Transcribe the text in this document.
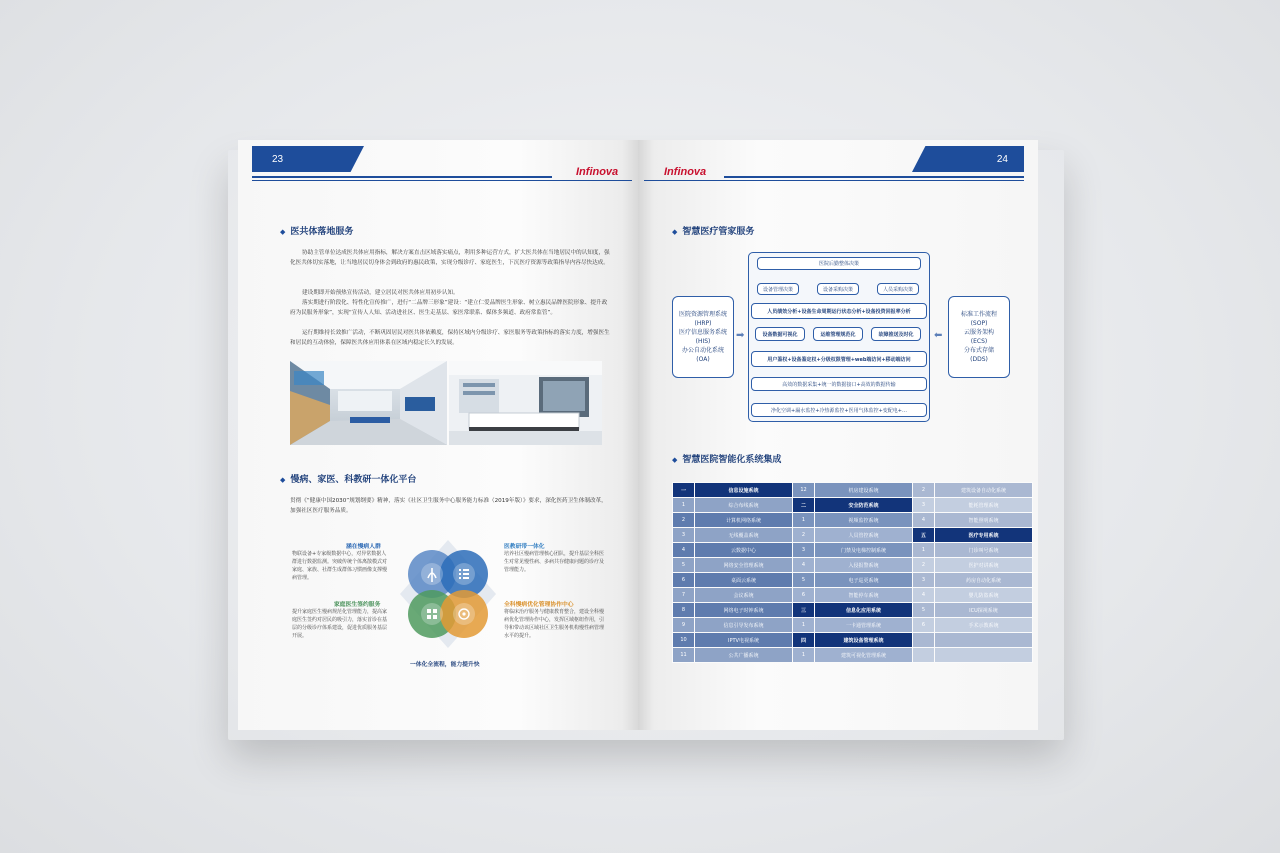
23
Infinova
◆ 医共体落地服务
协助主管单位达成医共体应用指标，解决方案直击区域落实痛点，利用多种运营方式，扩大医共体在当地居民中的认知度，强化医共体切实落地，让当地居民切身体会到政府的惠民政策，实现分级诊疗、家庭医生，下沉医疗资源等政策指导内容尽快达成。
建设期即开始预热宣传活动，建立居民对医共体应用初步认知。
落实期进行阶段化、特性化宣传推广，进行“二品牌三形象”建设：“建立仁爱品牌医生形象、树立惠民品牌医院形象、提升政府为民服务形象”，实现“宣传人人知、活动进社区、医生走基层、家医常联系、媒体多频道、政府常监管”。
运行期维持长效推广活动，不断巩固居民对医共体依赖度，保持区域内分级诊疗、家医服务等政策指标的落实力度，增强医生和居民的互动体验，保障医共体应用体系在区域内稳定长久的发展。
◆ 慢病、家医、科教研一体化平台
贯彻《“健康中国2030”规划纲要》精神，落实《社区卫生服务中心服务能力标准（2019年版）》要求，深化医药卫生体制改革，加强社区医疗服务品质。
涵在慢病人群
物联设备+专家级数据中心，对异常数据人群进行数据监测。突破传统个体离散模式对家庭、家族、社群生成群体习惯画像支撑慢病管理。
家庭医生签约服务
提升家庭医生慢病规范化管理能力，提高家庭医生签约对居民的吸引力，落实首诊在基层的分级诊疗体系建设，促进优质服务基层开展。
医教研带一体化
培养社区慢病管理核心团队，提升基层全科医生对常见慢性病、多病共存健康问题的诊疗及管理能力。
全科慢病优化管理协作中心
将临床治疗服务与健康教育整合，建设全科慢病优化管理协作中心，发挥区域枢纽作用，引导和带动该区域社区卫生服务机构慢性病管理水平的提升。
一体化全流程，能力提升快
24
Infinova
◆ 智慧医疗管家服务
医院资源管理系统
(HRP)
医疗信息服务系统
(HIS)
办公自动化系统
(OA)
➡
医院后勤整体决策
设备管理决策	设备采购决策	人员采购决策
人员绩效分析+设备生命周期运行状态分析+设备投资回报率分析
设备数据可视化	运维管理规范化	故障推送及时化
用户鉴权+设备鉴定权+分级权限管理+web端访问+移动端访问
高效的数据采集+统一的数据接口+高效的数据传输
净化空调+漏水监控+冷热源监控+医用气体监控+变配电+…
⬅
标准工作流程
(SOP)
云服务架构
(ECS)
分布式存储
(DDS)
◆ 智慧医院智能化系统集成
一	信息设施系统	12	机房建设系统	2	建筑设备自动化系统
1	综合布线系统	二	安全防范系统	3	能耗管理系统
2	计算机网络系统	1	视频监控系统	4	智能照明系统
3	无线覆盖系统	2	人员管控系统	五	医疗专用系统
4	云数据中心	3	门禁及电梯控制系统	1	门诊叫号系统
5	网络安全管理系统	4	入侵报警系统	2	医护对讲系统
6	桌面云系统	5	电子巡更系统	3	药房自动化系统
7	会议系统	6	智能停车系统	4	婴儿防盗系统
8	网络电子时钟系统	三	信息化应用系统	5	ICU探视系统
9	信息引导发布系统	1	一卡通管理系统	6	手术示教系统
10	IPTV电视系统	四	建筑设备管理系统		
11	公共广播系统	1	建筑可视化管理系统		
